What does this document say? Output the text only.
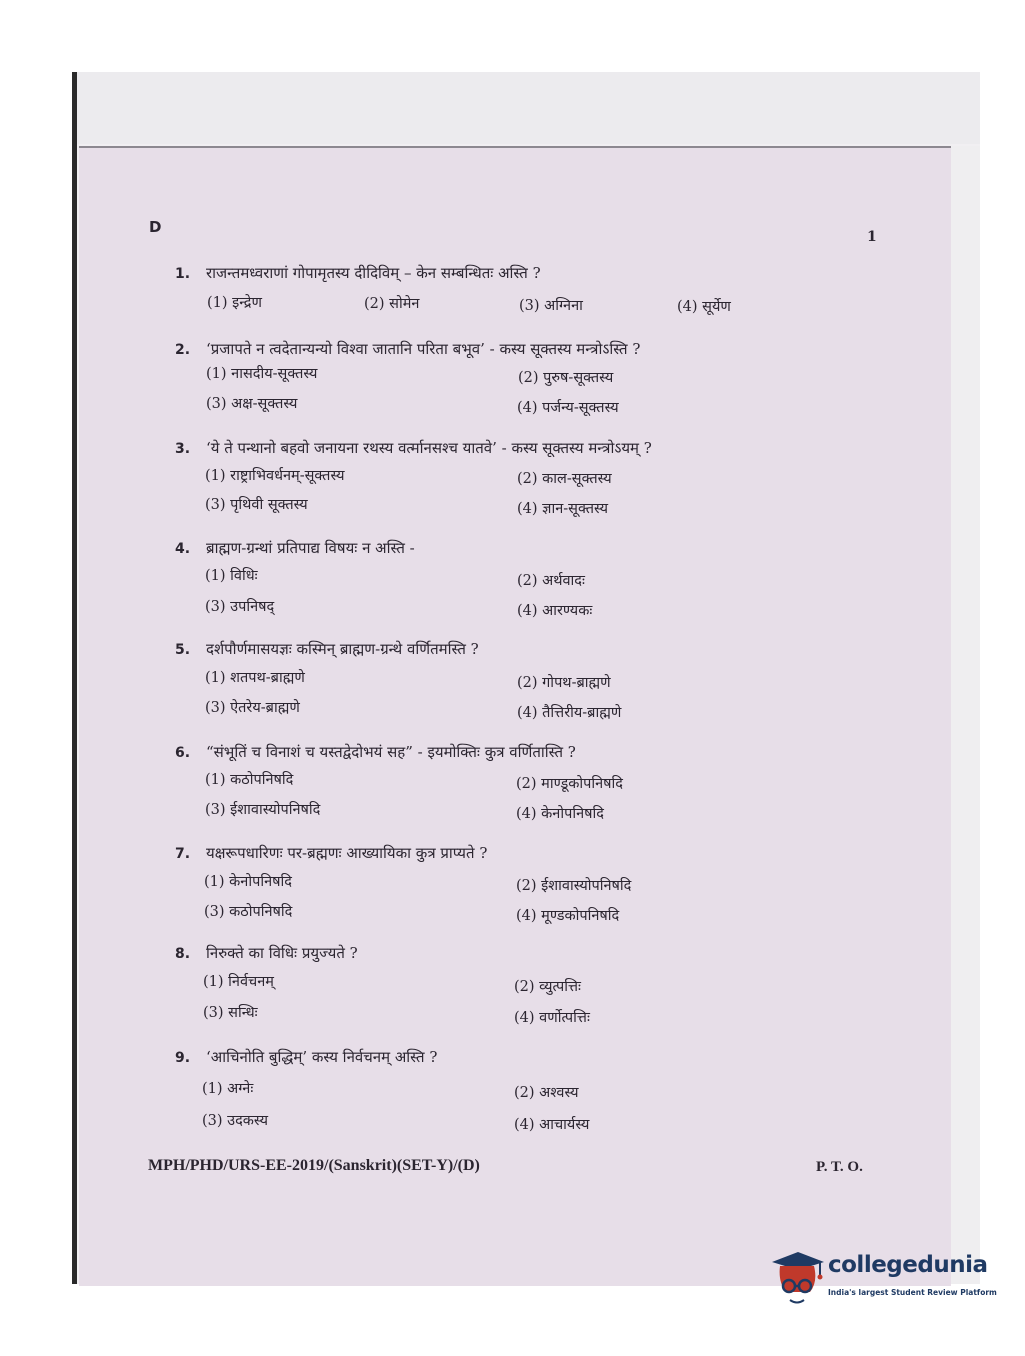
D
1
1. राजन्तमध्वराणां गोपामृतस्य दीदिविम् – केन सम्बन्धितः अस्ति ?
(1) इन्द्रेण	(2) सोमेन	(3) अग्निना	(4) सूर्येण
2. ‘प्रजापते न त्वदेतान्यन्यो विश्वा जातानि परिता बभूव’ - कस्य सूक्तस्य मन्त्रोऽस्ति ?
(1) नासदीय-सूक्तस्य	(2) पुरुष-सूक्तस्य
(3) अक्ष-सूक्तस्य	(4) पर्जन्य-सूक्तस्य
3. ‘ये ते पन्थानो बहवो जनायना रथस्य वर्त्मानसश्च यातवे’ - कस्य सूक्तस्य मन्त्रोऽयम् ?
(1) राष्ट्राभिवर्धनम्-सूक्तस्य	(2) काल-सूक्तस्य
(3) पृथिवी सूक्तस्य	(4) ज्ञान-सूक्तस्य
4. ब्राह्मण-ग्रन्थां प्रतिपाद्य विषयः न अस्ति -
(1) विधिः	(2) अर्थवादः
(3) उपनिषद्	(4) आरण्यकः
5. दर्शपौर्णमासयज्ञः कस्मिन् ब्राह्मण-ग्रन्थे वर्णितमस्ति ?
(1) शतपथ-ब्राह्मणे	(2) गोपथ-ब्राह्मणे
(3) ऐतरेय-ब्राह्मणे	(4) तैत्तिरीय-ब्राह्मणे
6. “संभूतिं च विनाशं च यस्तद्वेदोभयं सह” - इयमोक्तिः कुत्र वर्णितास्ति ?
(1) कठोपनिषदि	(2) माण्डूकोपनिषदि
(3) ईशावास्योपनिषदि	(4) केनोपनिषदि
7. यक्षरूपधारिणः पर-ब्रह्मणः आख्यायिका कुत्र प्राप्यते ?
(1) केनोपनिषदि	(2) ईशावास्योपनिषदि
(3) कठोपनिषदि	(4) मूण्डकोपनिषदि
8. निरुक्ते का विधिः प्रयुज्यते ?
(1) निर्वचनम्	(2) व्युत्पत्तिः
(3) सन्धिः	(4) वर्णोत्पत्तिः
9. ‘आचिनोति बुद्धिम्’ कस्य निर्वचनम् अस्ति ?
(1) अग्नेः	(2) अश्वस्य
(3) उदकस्य	(4) आचार्यस्य
MPH/PHD/URS-EE-2019/(Sanskrit)(SET-Y)/(D)	P. T. O.
collegedunia
India's largest Student Review Platform
